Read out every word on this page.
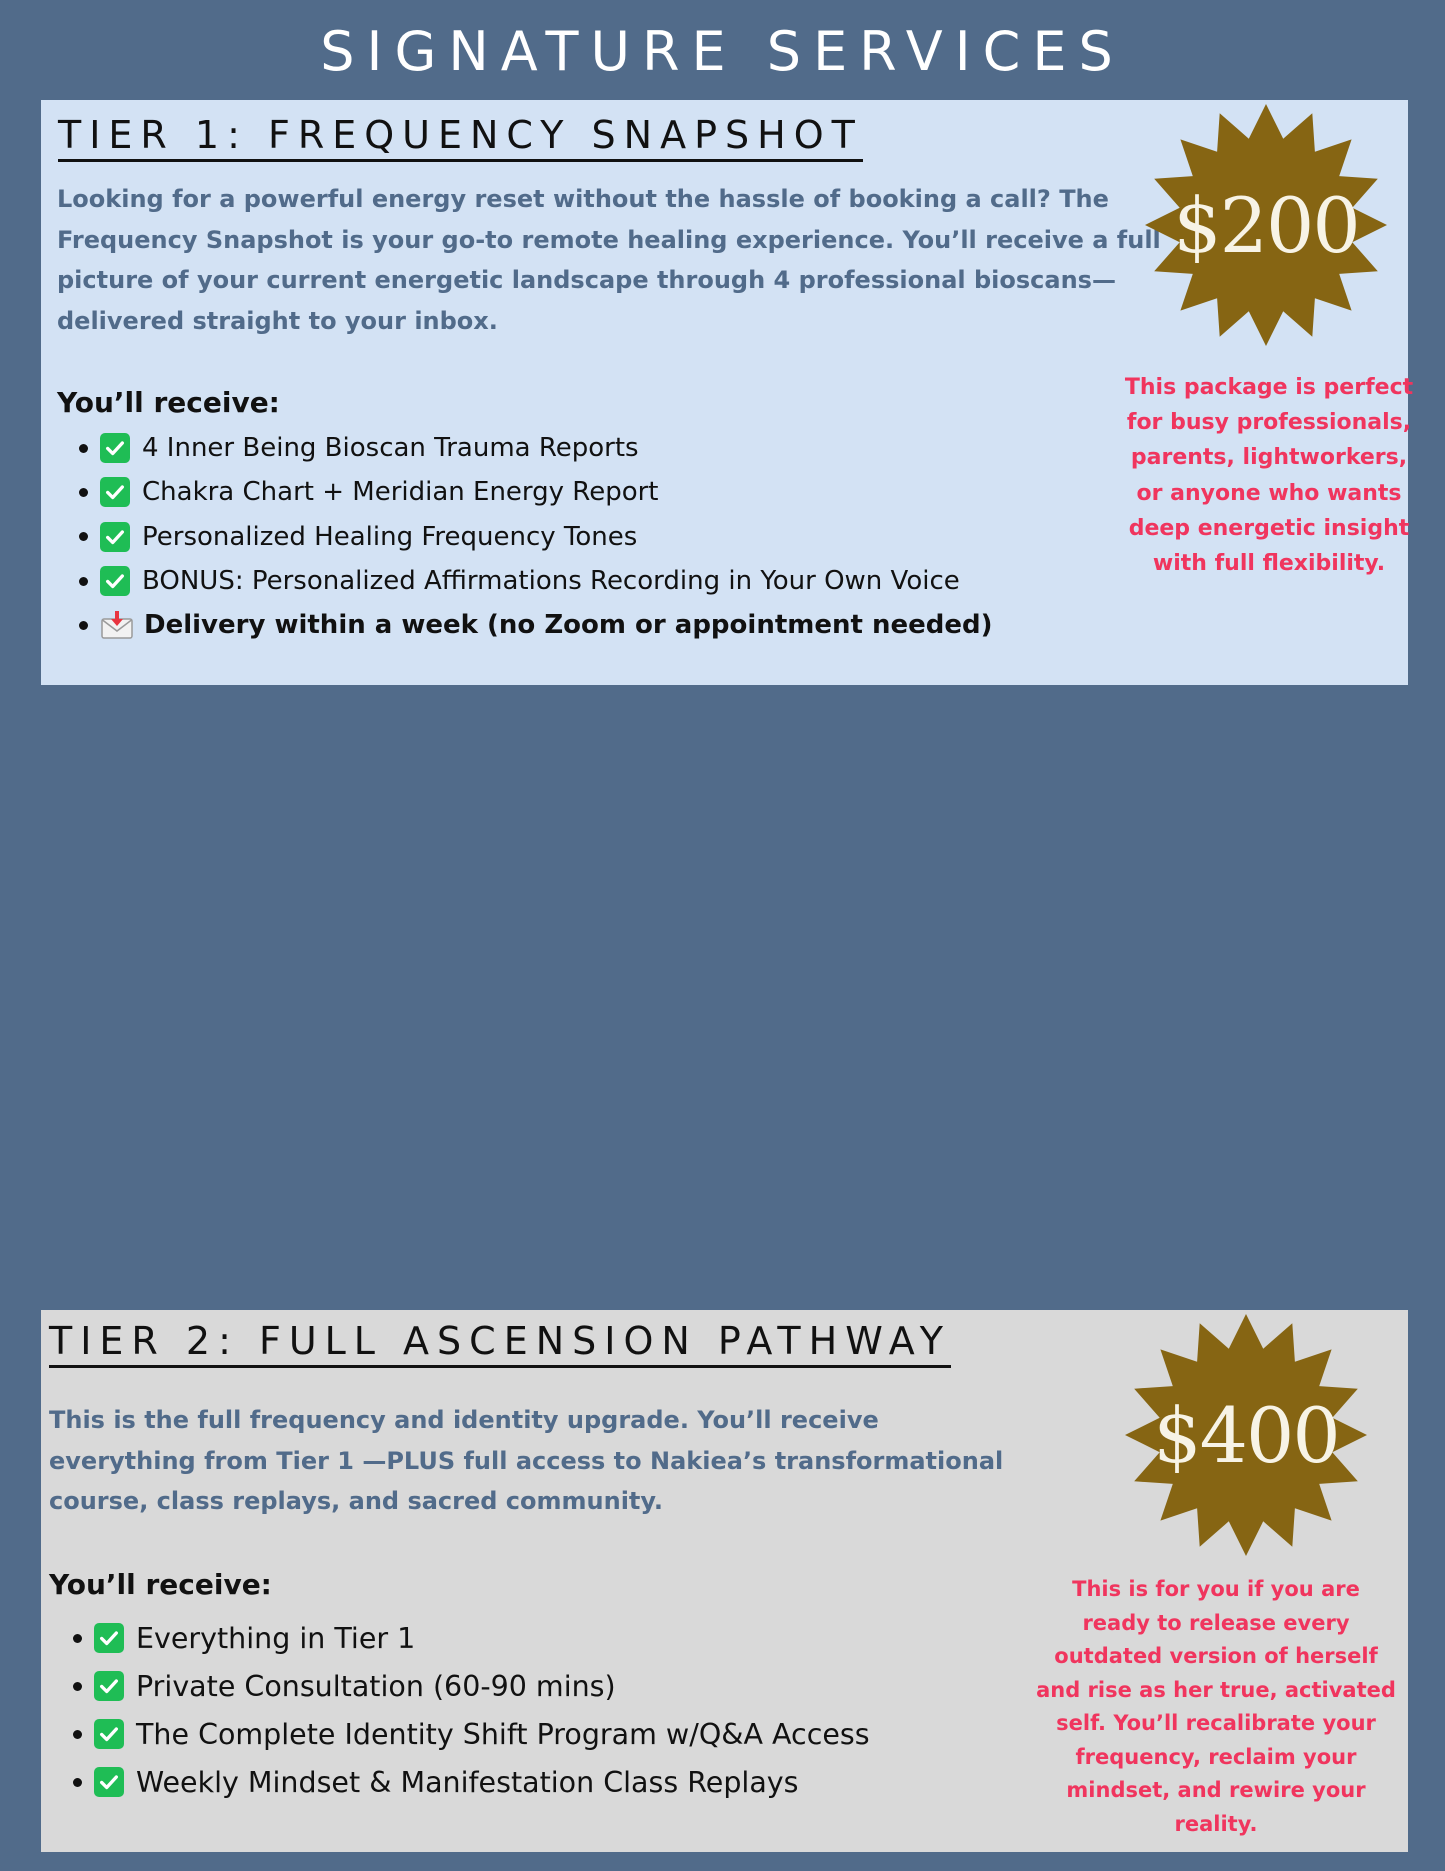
SIGNATURE SERVICES
TIER 1: FREQUENCY SNAPSHOT

Looking for a powerful energy reset without the hassle of booking a call? The Frequency Snapshot is your go-to remote healing experience. You’ll receive a full picture of your current energetic landscape through 4 professional bioscans—delivered straight to your inbox.

You’ll receive:
4 Inner Being Bioscan Trauma Reports
Chakra Chart + Meridian Energy Report
Personalized Healing Frequency Tones
BONUS: Personalized Affirmations Recording in Your Own Voice
Delivery within a week (no Zoom or appointment needed)
$200

This package is perfect for busy professionals, parents, lightworkers, or anyone who wants deep energetic insight with full flexibility.

TIER 2: FULL ASCENSION PATHWAY

This is the full frequency and identity upgrade. You’ll receive everything from Tier 1 —PLUS full access to Nakiea’s transformational course, class replays, and sacred community.

You’ll receive:
Everything in Tier 1
Private Consultation (60-90 mins)
The Complete Identity Shift Program w/Q&A Access
Weekly Mindset & Manifestation Class Replays
$400

This is for you if you are ready to release every outdated version of herself and rise as her true, activated self. You’ll recalibrate your frequency, reclaim your mindset, and rewire your reality.
